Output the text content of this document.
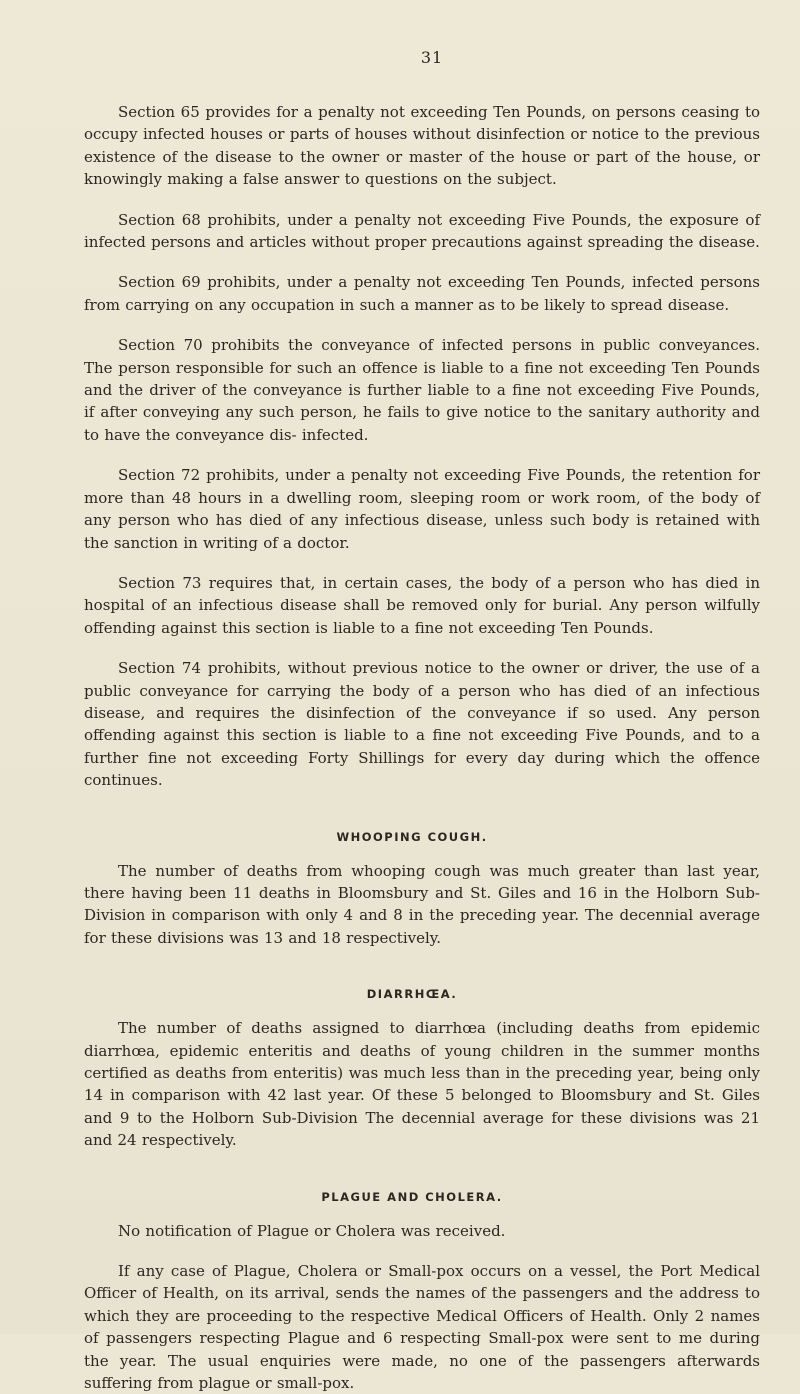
31

Section 65 provides for a penalty not exceeding Ten Pounds, on persons ceasing to occupy infected houses or parts of houses without disinfection or notice to the previous existence of the disease to the owner or master of the house or part of the house, or knowingly making a false answer to questions on the subject.

Section 68 prohibits, under a penalty not exceeding Five Pounds, the exposure of infected persons and articles without proper precautions against spreading the disease.

Section 69 prohibits, under a penalty not exceeding Ten Pounds, infected persons from carrying on any occupation in such a manner as to be likely to spread disease.

Section 70 prohibits the conveyance of infected persons in public conveyances. The person responsible for such an offence is liable to a fine not exceeding Ten Pounds and the driver of the conveyance is further liable to a fine not exceeding Five Pounds, if after conveying any such person, he fails to give notice to the sanitary authority and to have the conveyance dis- infected.

Section 72 prohibits, under a penalty not exceeding Five Pounds, the retention for more than 48 hours in a dwelling room, sleeping room or work room, of the body of any person who has died of any infectious disease, unless such body is retained with the sanction in writing of a doctor.

Section 73 requires that, in certain cases, the body of a person who has died in hospital of an infectious disease shall be removed only for burial. Any person wilfully offending against this section is liable to a fine not exceeding Ten Pounds.

Section 74 prohibits, without previous notice to the owner or driver, the use of a public conveyance for carrying the body of a person who has died of an infectious disease, and requires the disinfection of the conveyance if so used. Any person offending against this section is liable to a fine not exceeding Five Pounds, and to a further fine not exceeding Forty Shillings for every day during which the offence continues.

WHOOPING COUGH.

The number of deaths from whooping cough was much greater than last year, there having been 11 deaths in Bloomsbury and St. Giles and 16 in the Holborn Sub-Division in comparison with only 4 and 8 in the preceding year. The decennial average for these divisions was 13 and 18 respectively.

DIARRHŒA.

The number of deaths assigned to diarrhœa (including deaths from epidemic diarrhœa, epidemic enteritis and deaths of young children in the summer months certified as deaths from enteritis) was much less than in the preceding year, being only 14 in comparison with 42 last year. Of these 5 belonged to Bloomsbury and St. Giles and 9 to the Holborn Sub-Division The decennial average for these divisions was 21 and 24 respectively.

PLAGUE AND CHOLERA.

No notification of Plague or Cholera was received.

If any case of Plague, Cholera or Small-pox occurs on a vessel, the Port Medical Officer of Health, on its arrival, sends the names of the passengers and the address to which they are proceeding to the respective Medical Officers of Health. Only 2 names of passengers respecting Plague and 6 respecting Small-pox were sent to me during the year. The usual enquiries were made, no one of the passengers afterwards suffering from plague or small-pox.
